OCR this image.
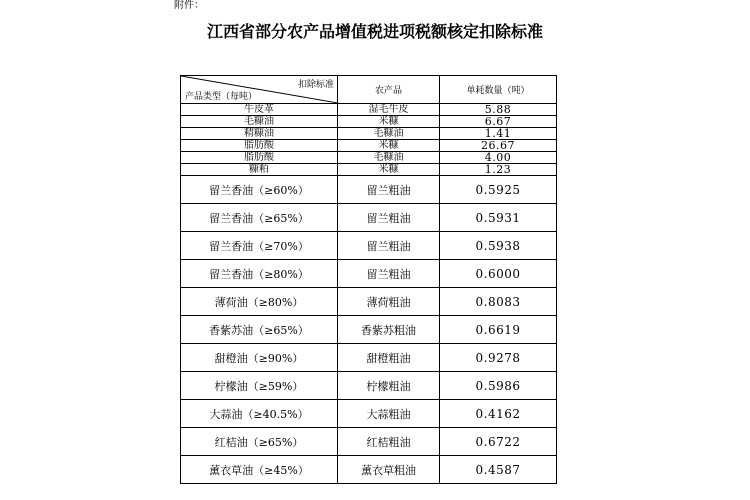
附件：
江西省部分农产品增值税进项税额核定扣除标准
扣除标准
产品类型（每吨）	农产品	单耗数量（吨）
牛皮革	湿毛牛皮	5.88
毛糠油	米糠	6.67
精糠油	毛糠油	1.41
脂肪酸	米糠	26.67
脂肪酸	毛糠油	4.00
糠粕	米糠	1.23
留兰香油（≥60%）	留兰粗油	0.5925
留兰香油（≥65%）	留兰粗油	0.5931
留兰香油（≥70%）	留兰粗油	0.5938
留兰香油（≥80%）	留兰粗油	0.6000
薄荷油（≥80%）	薄荷粗油	0.8083
香紫苏油（≥65%）	香紫苏粗油	0.6619
甜橙油（≥90%）	甜橙粗油	0.9278
柠檬油（≥59%）	柠檬粗油	0.5986
大蒜油（≥40.5%）	大蒜粗油	0.4162
红桔油（≥65%）	红桔粗油	0.6722
薰衣草油（≥45%）	薰衣草粗油	0.4587
